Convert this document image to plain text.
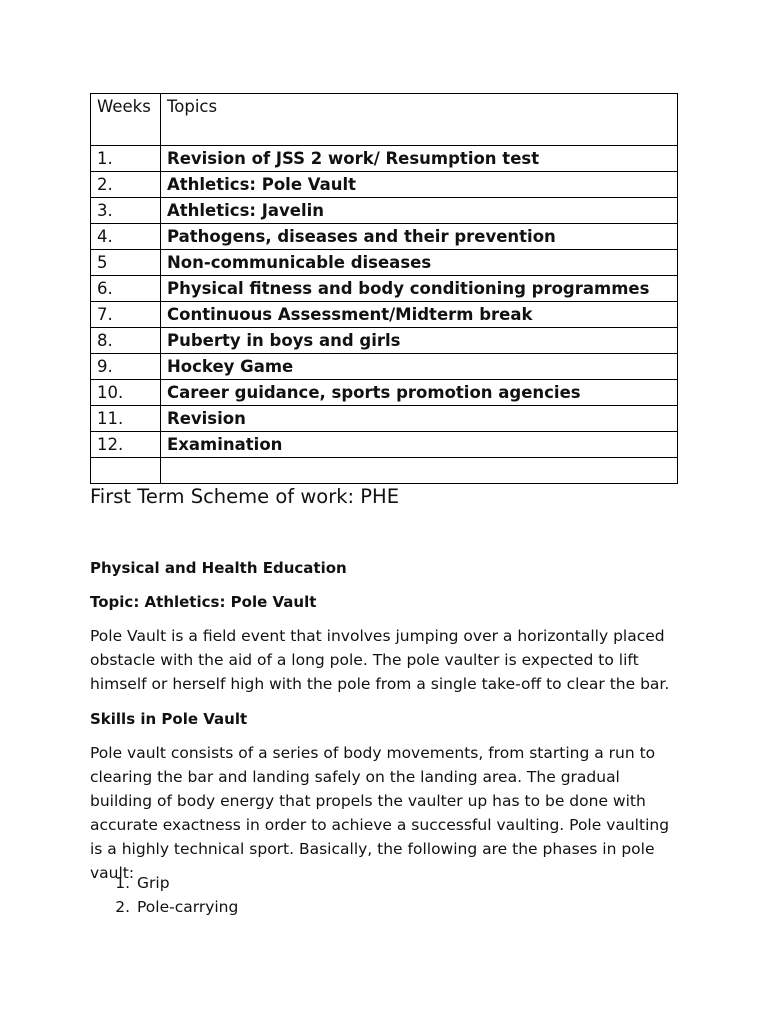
Weeks	Topics
1.	Revision of JSS 2 work/ Resumption test
2.	Athletics: Pole Vault
3.	Athletics: Javelin
4.	Pathogens, diseases and their prevention
5	Non-communicable diseases
6.	Physical fitness and body conditioning programmes
7.	Continuous Assessment/Midterm break
8.	Puberty in boys and girls
9.	Hockey Game
10.	Career guidance, sports promotion agencies
11.	Revision
12.	Examination

First Term Scheme of work: PHE
Physical and Health Education
Topic: Athletics: Pole Vault
Pole Vault is a field event that involves jumping over a horizontally placed obstacle with the aid of a long pole. The pole vaulter is expected to lift himself or herself high with the pole from a single take-off to clear the bar.
Skills in Pole Vault
Pole vault consists of a series of body movements, from starting a run to clearing the bar and landing safely on the landing area. The gradual building of body energy that propels the vaulter up has to be done with accurate exactness in order to achieve a successful vaulting. Pole vaulting is a highly technical sport. Basically, the following are the phases in pole vault:
1. Grip
2. Pole-carrying
